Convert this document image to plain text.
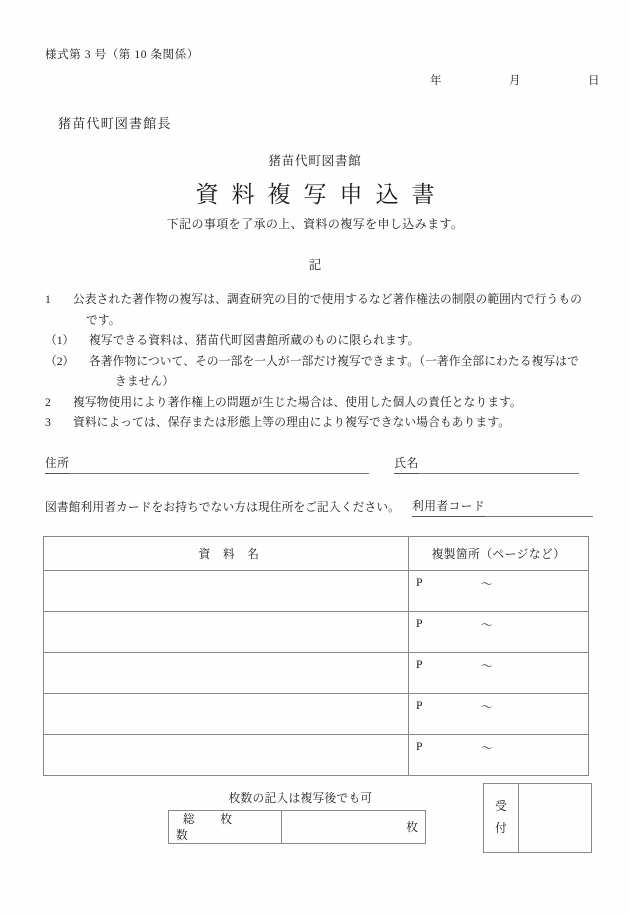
様式第 3 号（第 10 条関係）
年	月	日
猪苗代町図書館長
猪苗代町図書館
資料複写申込書
下記の事項を了承の上、資料の複写を申し込みます。
記
1	公表された著作物の複写は、調査研究の目的で使用するなど著作権法の制限の範囲内で行うもの
です。
（1）	複写できる資料は、猪苗代町図書館所蔵のものに限られます。
（2）	各著作物について、その一部を一人が一部だけ複写できます。（一著作全部にわたる複写はで
きません）
2	複写物使用により著作権上の問題が生じた場合は、使用した個人の責任となります。
3	資料によっては、保存または形態上等の理由により複写できない場合もあります。
住所	氏名
図書館利用者カードをお持ちでない方は現住所をご記入ください。 利用者コード
資　料　名	複製箇所（ページなど）

	P 〜

	P 〜

	P 〜

	P 〜

	P 〜
枚数の記入は複写後でも可
総　枚　数	枚
受
付
